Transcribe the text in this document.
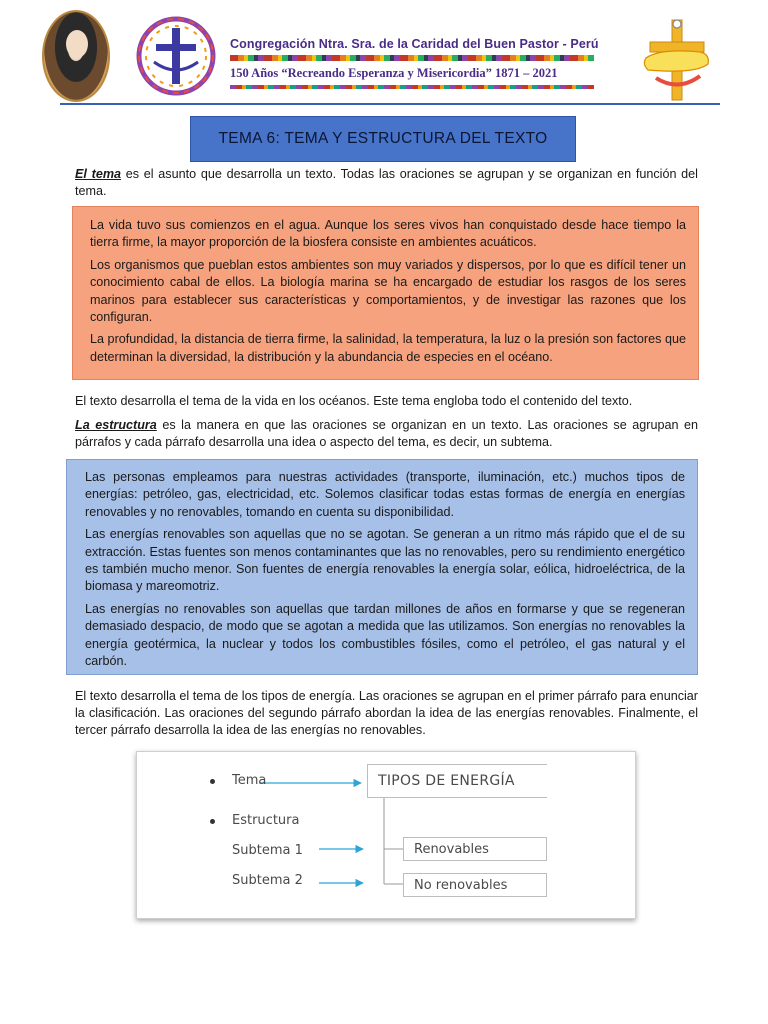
Congregación Ntra. Sra. de la Caridad del Buen Pastor - Perú
150 Años “Recreando Esperanza y Misericordia” 1871 – 2021
TEMA 6: TEMA Y ESTRUCTURA DEL TEXTO
El tema es el asunto que desarrolla un texto. Todas las oraciones se agrupan y se organizan en función del tema.

La vida tuvo sus comienzos en el agua. Aunque los seres vivos han conquistado desde hace tiempo la tierra firme, la mayor proporción de la biosfera consiste en ambientes acuáticos.

Los organismos que pueblan estos ambientes son muy variados y dispersos, por lo que es difícil tener un conocimiento cabal de ellos. La biología marina se ha encargado de estudiar los rasgos de los seres marinos para establecer sus características y comportamientos, y de investigar las razones que los configuran.

La profundidad, la distancia de tierra firme, la salinidad, la temperatura, la luz o la presión son factores que determinan la diversidad, la distribución y la abundancia de especies en el océano.

El texto desarrolla el tema de la vida en los océanos. Este tema engloba todo el contenido del texto.
La estructura es la manera en que las oraciones se organizan en un texto. Las oraciones se agrupan en párrafos y cada párrafo desarrolla una idea o aspecto del tema, es decir, un subtema.

Las personas empleamos para nuestras actividades (transporte, iluminación, etc.) muchos tipos de energías: petróleo, gas, electricidad, etc. Solemos clasificar todas estas formas de energía en energías renovables y no renovables, tomando en cuenta su disponibilidad.

Las energías renovables son aquellas que no se agotan. Se generan a un ritmo más rápido que el de su extracción. Estas fuentes son menos contaminantes que las no renovables, pero su rendimiento energético es también mucho menor. Son fuentes de energía renovables la energía solar, eólica, hidroeléctrica, de la biomasa y mareomotriz.

Las energías no renovables son aquellas que tardan millones de años en formarse y que se regeneran demasiado despacio, de modo que se agotan a medida que las utilizamos. Son energías no renovables la energía geotérmica, la nuclear y todos los combustibles fósiles, como el petróleo, el gas natural y el carbón.

El texto desarrolla el tema de los tipos de energía. Las oraciones se agrupan en el primer párrafo para enunciar la clasificación. Las oraciones del segundo párrafo abordan la idea de las energías renovables. Finalmente, el tercer párrafo desarrolla la idea de las energías no renovables.
Tema	TIPOS DE ENERGÍA
Estructura
Subtema 1	Renovables
Subtema 2	No renovables
